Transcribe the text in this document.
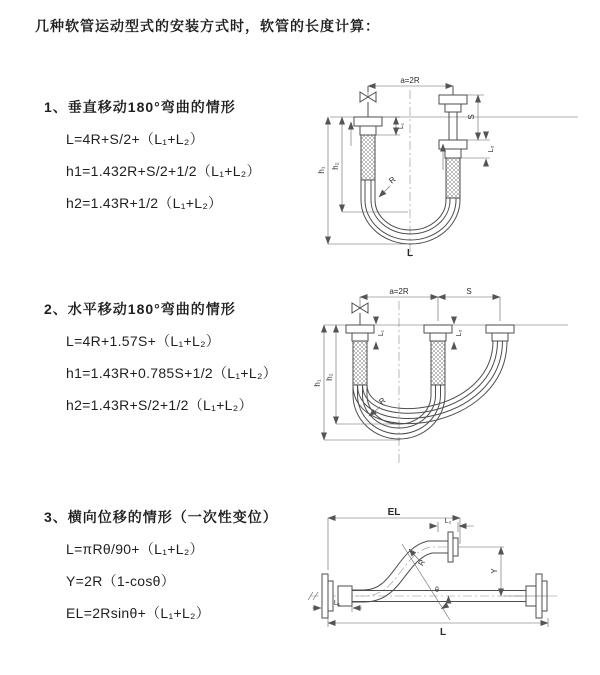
几种软管运动型式的安装方式时，软管的长度计算：

1、垂直移动180°弯曲的情形

L=4R+S/2+（L₁+L₂）
h1=1.432R+S/2+1/2（L₁+L₂）
h2=1.43R+1/2（L₁+L₂）

2、水平移动180°弯曲的情形

L=4R+1.57S+（L₁+L₂）
h1=1.43R+0.785S+1/2（L₁+L₂）
h2=1.43R+S/2+1/2（L₁+L₂）

3、横向位移的情形（一次性变位）

L=πRθ/90+（L₁+L₂）
Y=2R（1-cosθ）
EL=2Rsinθ+（L₁+L₂）
a=2R
R
h₂
h₁
L₁
S
L₂
L
a=2R	S
L₁	L₂
R
h₂
h₁
EL
L₂
θ
R
Y
L₁
L
